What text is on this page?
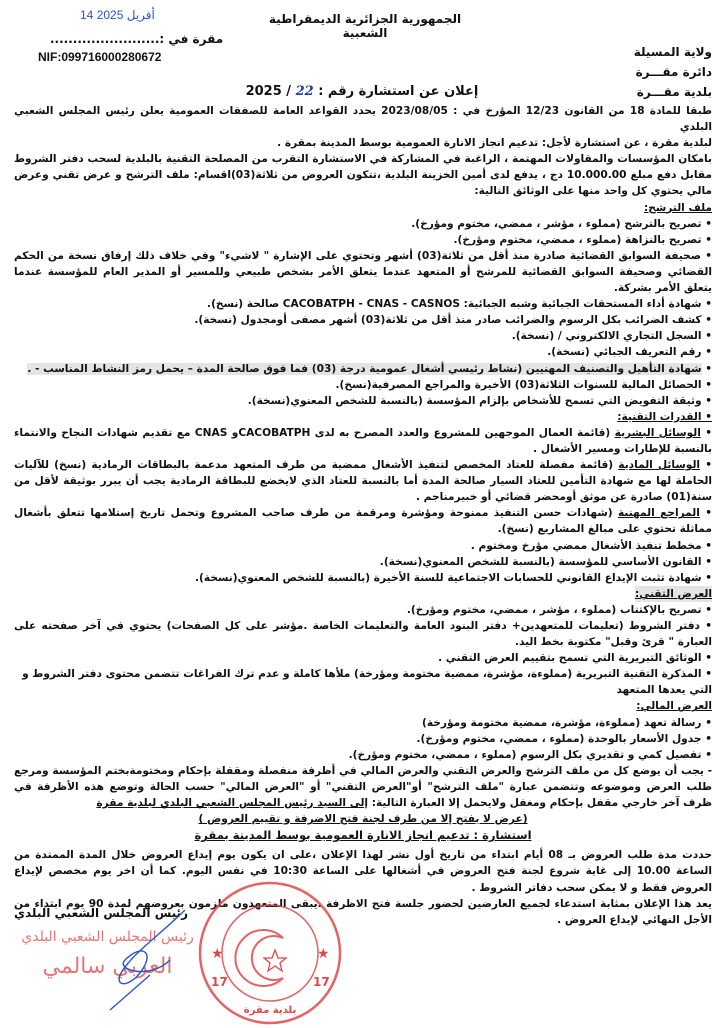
الجمهورية الجزائرية الديمقراطية الشعبية
14 أفريل 2025
مقرة في :........................
NIF:099716000280672	ولاية المسيلة
دائرة مقـــرة
بلدية مقـــرة
إعلان عن استشارة رقم : 22 / 2025

طبقا للمادة 18 من القانون 12/23 المؤرخ في : 2023/08/05 يحدد القواعد العامة للصفقات العمومية يعلن رئيس المجلس الشعبي البلدي

لبلدية مقرة ، عن استشارة لأجل: تدعيم انجاز الانارة العمومية بوسط المدينة بمقرة .

بامكان المؤسسات والمقاولات المهتمة ، الراغبة في المشاركة في الاستشارة التقرب من المصلحة التقنية بالبلدية لسحب دفتر الشروط مقابل دفع مبلغ 10.000.00 دج ، يدفع لدى أمين الخزينة البلدية ،تتكون العروض من ثلاثة(03)اقسام: ملف الترشح و عرض تقني وعرض مالي يحتوي كل واحد منها على الوثائق التالية:

ملف الترشح:

• تصريح بالترشح (مملوء ، مؤشر ، ممضي، مختوم ومؤرخ).

• تصريح بالنزاهة (مملوء ، ممضي، مختوم ومؤرخ).

• صحيفة السوابق القضائية صادرة منذ أقل من ثلاثة(03) أشهر وتحتوي على الإشارة " لاشيء" وفي خلاف ذلك إرفاق نسخة من الحكم القضائي وصحيفة السوابق القضائية للمرشح أو المتعهد عندما يتعلق الأمر بشخص طبيعي وللمسير أو المدير العام للمؤسسة عندما يتعلق الأمر بشركة.

• شهادة أداء المستحقات الجبائية وشبه الجبائية: CACOBATPH - CNAS - CASNOS صالحة (نسخ).

• كشف الضرائب بكل الرسوم والضرائب صادر منذ أقل من ثلاثة(03) أشهر مصفى أومجدول (نسخة).

• السجل التجاري الالكتروني / (نسخة).

• رقم التعريف الجبائي (نسخة).

• شهادة التأهيل والتصنيف المهنيين (نشاط رئيسي أشغال عمومية درجة (03) فما فوق صالحة المدة – يحمل رمز النشاط المناسب - .

• الحصائل المالية للسنوات الثلاثة(03) الأخيرة والمراجع المصرفية(نسخ).

• وثيقة التفويض التي تسمح للأشخاص بإلزام المؤسسة (بالنسبة للشخص المعنوي(نسخة).

• القدرات التقنية:

• الوسائل البشرية (قائمة العمال الموجهين للمشروع والعدد المصرح به لدى CACOBATPHو CNAS مع تقديم شهادات النجاح والانتماء بالنسبة للإطارات ومسير الأشغال .

• الوسائل المادية (قائمة مفصلة للعتاد المخصص لتنفيذ الأشغال ممضية من طرف المتعهد مدعمة بالبطاقات الرمادية (نسخ) للآليات الحاملة لها مع شهادة التأمين للعتاد السيار صالحة المدة أما بالنسبة للعتاد الذي لايخضع للبطاقة الرمادية يجب أن يبرر بوثيقة لأقل من سنة(01) صادرة عن موثق أومحضر قضائي أو خبيرمناجم .

• المراجع المهنية (شهادات حسن التنفيذ ممنوحة ومؤشرة ومرقمة من طرف صاحب المشروع وتحمل تاريخ إستلامها تتعلق بأشغال مماثلة تحتوي على مبالغ المشاريع (نسخ).

• مخطط تنفيذ الأشغال ممضي مؤرخ ومختوم .

• القانون الأساسي للمؤسسة (بالنسبة للشخص المعنوي(نسخة).

• شهادة تثبت الإيداع القانوني للحسابات الاجتماعية للسنة الأخيرة (بالنسبة للشخص المعنوي(نسخة).

العرض التقني:

• تصريح بالإكتتاب (مملوء ، مؤشر ، ممضي، مختوم ومؤرخ).

• دفتر الشروط (تعليمات للمتعهدين+ دفتر البنود العامة والتعليمات الخاصة .مؤشر على كل الصفحات) يحتوي في آخر صفحته على العبارة " قرئ وقبل" مكتوبة بخط اليد.

• الوثائق التبريرية التي تسمح بتقييم العرض التقني .

• المذكرة التقنية التبريرية (مملوءة، مؤشرة، ممضية مختومة ومؤرخة) ملأها كاملة و عدم ترك الفراغات تتضمن محتوى دفتر الشروط و التي يعدها المتعهد

العرض المالي:

• رسالة تعهد (مملوءة، مؤشرة، ممضية مختومة ومؤرخة)

• جدول الأسعار بالوحدة (مملوء ، ممضي، مختوم ومؤرخ).

• تفصيل كمي و تقديري بكل الرسوم (مملوء ، ممضي، مختوم ومؤرخ).

- يجب أن يوضع كل من ملف الترشح والعرض التقني والعرض المالي في أظرفة منفصلة ومقفلة بإحكام ومختومةبختم المؤسسة ومرجع طلب العرض وموضوعه وتتضمن عبارة "ملف الترشح" أو"العرض التقني" أو "العرض المالي" حسب الحالة وتوضع هذه الأظرفة في ظرف آخر خارجي مقفل بإحكام ومغفل ولايحمل إلا العبارة التالية: إلى السيد رئيس المجلس الشعبي البلدي لبلدية مقرة

(عرض لا يفتح إلا من طرف لجنة فتح الاضرفة و تقييم العروض )

استشارة : تدعيم انجاز الانارة العمومية بوسط المدينة بمقرة

حددت مدة طلب العروض بـ 08 أيام ابتداء من تاريخ أول نشر لهذا الإعلان ،على ان يكون يوم إيداع العروض خلال المدة الممتدة من الساعة 10.00 إلى غاية شروع لجنة فتح العروض في أشغالها على الساعة 10:30 في نفس اليوم. كما أن اخر يوم مخصص لإيداع العروض فقط و لا يمكن سحب دفاتر الشروط .

يعد هذا الإعلان بمثابة استدعاء لجميع العارضين لحضور جلسة فتح الاظرفة .يبقى المتعهدون ملزمون بعروضهم لمدة 90 يوم ابتداء من الأجل النهائي لإيداع العروض .

رئيس المجلس الشعبي البلدي
★	★
17	17
بلدية مقرة
رئيس المجلس الشعبي البلدي
العربي سالمي
